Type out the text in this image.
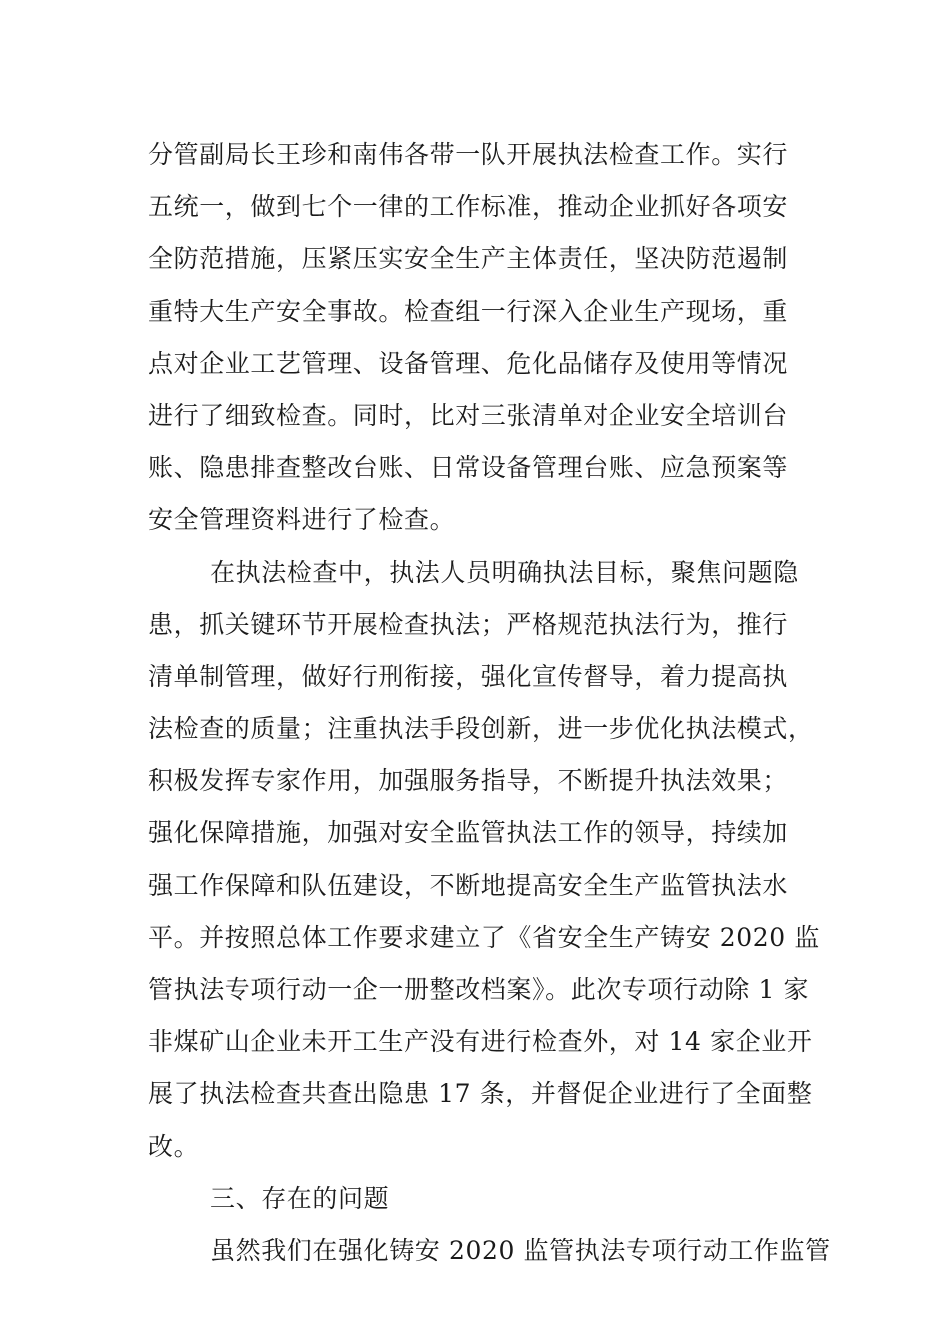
分管副局长王珍和南伟各带一队开展执法检查工作。实行
五统一，做到七个一律的工作标准，推动企业抓好各项安
全防范措施，压紧压实安全生产主体责任，坚决防范遏制
重特大生产安全事故。检查组一行深入企业生产现场，重
点对企业工艺管理、设备管理、危化品储存及使用等情况
进行了细致检查。同时，比对三张清单对企业安全培训台
账、隐患排查整改台账、日常设备管理台账、应急预案等
安全管理资料进行了检查。
在执法检查中，执法人员明确执法目标，聚焦问题隐
患，抓关键环节开展检查执法；严格规范执法行为，推行
清单制管理，做好行刑衔接，强化宣传督导，着力提高执
法检查的质量；注重执法手段创新，进一步优化执法模式，
积极发挥专家作用，加强服务指导，不断提升执法效果；
强化保障措施，加强对安全监管执法工作的领导，持续加
强工作保障和队伍建设，不断地提高安全生产监管执法水
平。并按照总体工作要求建立了《省安全生产铸安 2020 监
管执法专项行动一企一册整改档案》。此次专项行动除 1 家
非煤矿山企业未开工生产没有进行检查外，对 14 家企业开
展了执法检查共查出隐患 17 条，并督促企业进行了全面整
改。
三、存在的问题
虽然我们在强化铸安 2020 监管执法专项行动工作监管
